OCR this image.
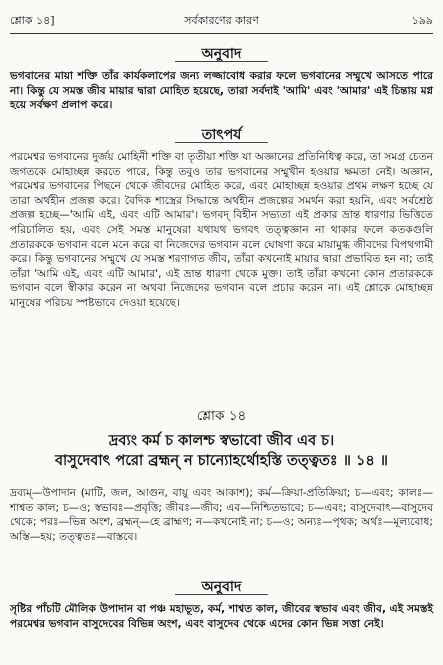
শ্লোক ১৪]	সর্বকারণের কারণ	১৯৯
অনুবাদ
ভগবানের মায়া শক্তি তাঁর কার্যকলাপের জন্য লজ্জাবোধ করার ফলে ভগবানের সম্মুখে আসতে পারে না। কিন্তু যে সমস্ত জীব মায়ার দ্বারা মোহিত হয়েছে, তারা সর্বদাই 'আমি' এবং 'আমার' এই চিন্তায় মগ্ন হয়ে সর্বক্ষণ প্রলাপ করে।
তাৎপর্য
পরমেশ্বর ভগবানের দুর্জয় মোহিনী শক্তি বা তৃতীয়া শক্তি যা অজ্ঞানের প্রতিনিধিত্ব করে, তা সমগ্র চেতন জগতকে মোহাচ্ছন্ন করতে পারে, কিন্তু তবুও তার ভগবানের সম্মুখীন হওয়ার ক্ষমতা নেই। অজ্ঞান, পরমেশ্বর ভগবানের পিছনে থেকে জীবদের মোহিত করে, এবং মোহাচ্ছন্ন হওয়ার প্রথম লক্ষণ হচ্ছে যে তারা অর্থহীন প্রজল্প করে। বৈদিক শাস্ত্রের সিদ্ধান্তে অর্থহীন প্রজল্পের সমর্থন করা হয়নি, এবং সর্বশ্রেষ্ঠ প্রজল্প হচ্ছে—'আমি এই, এবং এটি আমার'। ভগবদ্ বিহীন সভ্যতা এই প্রকার ভ্রান্ত ধারণার ভিত্তিতে পরিচালিত হয়, এবং সেই সমস্ত মানুষেরা যথাযথ ভগবৎ তত্ত্বজ্ঞান না থাকার ফলে কতকগুলি প্রতারককে ভগবান বলে মনে করে বা নিজেদের ভগবান বলে ঘোষণা করে মায়ামুগ্ধ জীবদের বিপথগামী করে। কিন্তু ভগবানের সম্মুখে যে সমস্ত শরণাগত জীব, তাঁরা কখনোই মায়ার দ্বারা প্রভাবিত হন না; তাই তাঁরা 'আমি এই, এবং এটি আমার', এই ভ্রান্ত ধারণা থেকে মুক্ত। তাই তাঁরা কখনো কোন প্রতারককে ভগবান বলে স্বীকার করেন না অথবা নিজেদের ভগবান বলে প্রচার করেন না। এই শ্লোকে মোহাচ্ছন্ন মানুষের পরিচয় স্পষ্টভাবে দেওয়া হয়েছে।
শ্লোক ১৪
দ্রব্যং কর্ম চ কালশ্চ স্বভাবো জীব এব চ।
বাসুদেবাৎ পরো ব্রহ্মন্ ন চান্যোহর্থোহস্তি তত্ত্বতঃ ॥ ১৪ ॥
দ্রব্যম্—উপাদান (মাটি, জল, আগুন, বায়ু এবং আকাশ); কর্ম—ক্রিয়া-প্রতিক্রিয়া; চ—এবং; কালঃ—শাশ্বত কাল; চ—ও; স্বভাবঃ—প্রবৃত্তি; জীবঃ—জীব; এব—নিশ্চিতভাবে; চ—এবং; বাসুদেবাৎ—বাসুদেব থেকে; পরঃ—ভিন্ন অংশ, ব্রহ্মন্—হে ব্রাহ্মণ; ন—কখনোই না; চ—ও; অন্যঃ—পৃথক; অর্থঃ—মূল্যবোধ; অস্তি—হয়; তত্ত্বতঃ—বাস্তবে।
অনুবাদ
সৃষ্টির পাঁচটি মৌলিক উপাদান বা পঞ্চ মহাভূত, কর্ম, শাশ্বত কাল, জীবের স্বভাব এবং জীব, এই সমস্তই পরমেশ্বর ভগবান বাসুদেবের বিভিন্ন অংশ, এবং বাসুদেব থেকে এদের কোন ভিন্ন সত্তা নেই।
